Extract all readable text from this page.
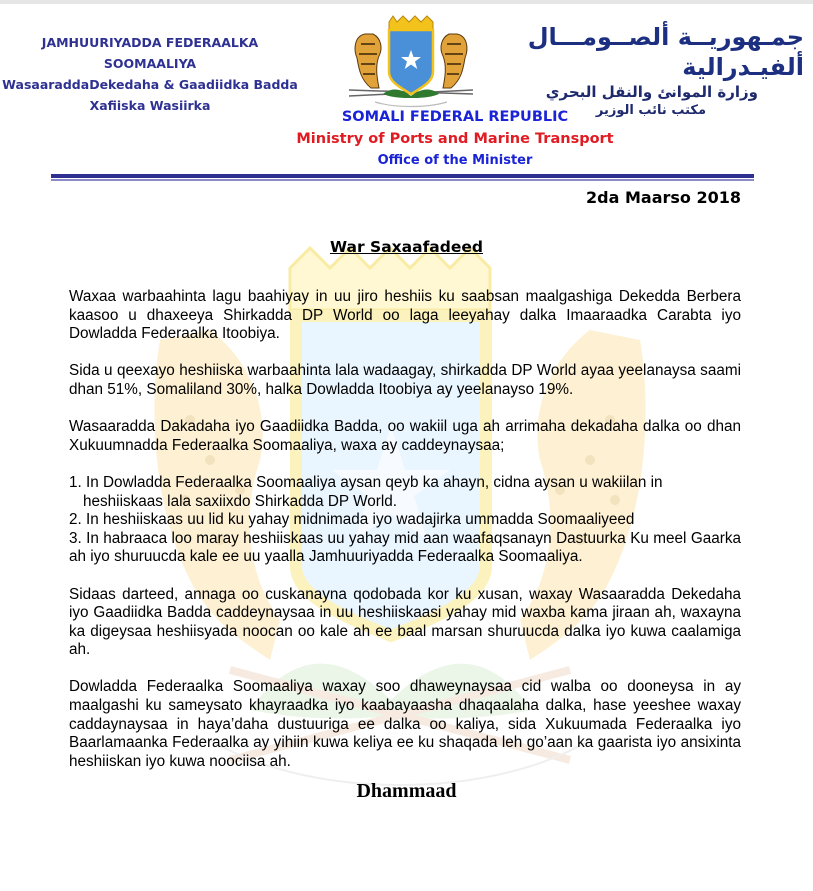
JAMHUURIYADDA FEDERAALKA
SOOMAALIYA
WasaaraddaDekedaha & Gaadiidka Badda
Xafiiska Wasiirka
جمـهوريــة ألصــومـــال ألفيـدرالية
وزارة الموانئ والنقل البحري
مكتب نائب الوزير
SOMALI FEDERAL REPUBLIC
Ministry of Ports and Marine Transport
Office of the Minister
2da Maarso 2018
War Saxaafadeed

Waxaa warbaahinta lagu baahiyay in uu jiro heshiis ku saabsan maalgashiga Dekedda Berbera kaasoo u dhaxeeya Shirkadda DP World oo laga leeyahay dalka Imaaraadka Carabta iyo Dowladda Federaalka Itoobiya.

Sida u qeexayo heshiiska warbaahinta lala wadaagay, shirkadda DP World ayaa yeelanaysa saami dhan 51%, Somaliland 30%, halka Dowladda Itoobiya ay yeelanayso 19%.

Wasaaradda Dakadaha iyo Gaadiidka Badda, oo wakiil uga ah arrimaha dekadaha dalka oo dhan Xukuumnadda Federaalka Soomaaliya, waxa ay caddeynaysaa;

1. In Dowladda Federaalka Soomaaliya aysan qeyb ka ahayn, cidna aysan u wakiilan in heshiiskaas lala saxiixdo Shirkadda DP World.
2. In heshiiskaas uu lid ku yahay midnimada iyo wadajirka ummadda Soomaaliyeed
3. In habraaca loo maray heshiiskaas uu yahay mid aan waafaqsanayn Dastuurka Ku meel Gaarka ah iyo shuruucda kale ee uu yaalla Jamhuuriyadda Federaalka Soomaaliya.

Sidaas darteed, annaga oo cuskanayna qodobada kor ku xusan, waxay Wasaaradda Dekedaha iyo Gaadiidka Badda caddeynaysaa in uu heshiiskaasi yahay mid waxba kama jiraan ah, waxayna ka digeysaa heshiisyada noocan oo kale ah ee baal marsan shuruucda dalka iyo kuwa caalamiga ah.

Dowladda Federaalka Soomaaliya waxay soo dhaweynaysaa cid walba oo dooneysa in ay maalgashi ku sameysato khayraadka iyo kaabayaasha dhaqaalaha dalka, hase yeeshee waxay caddaynaysaa in haya’daha dustuuriga ee dalka oo kaliya, sida Xukuumada Federaalka iyo Baarlamaanka Federaalka ay yihiin kuwa keliya ee ku shaqada leh go’aan ka gaarista iyo ansixinta heshiiskan iyo kuwa noociisa ah.

Dhammaad
